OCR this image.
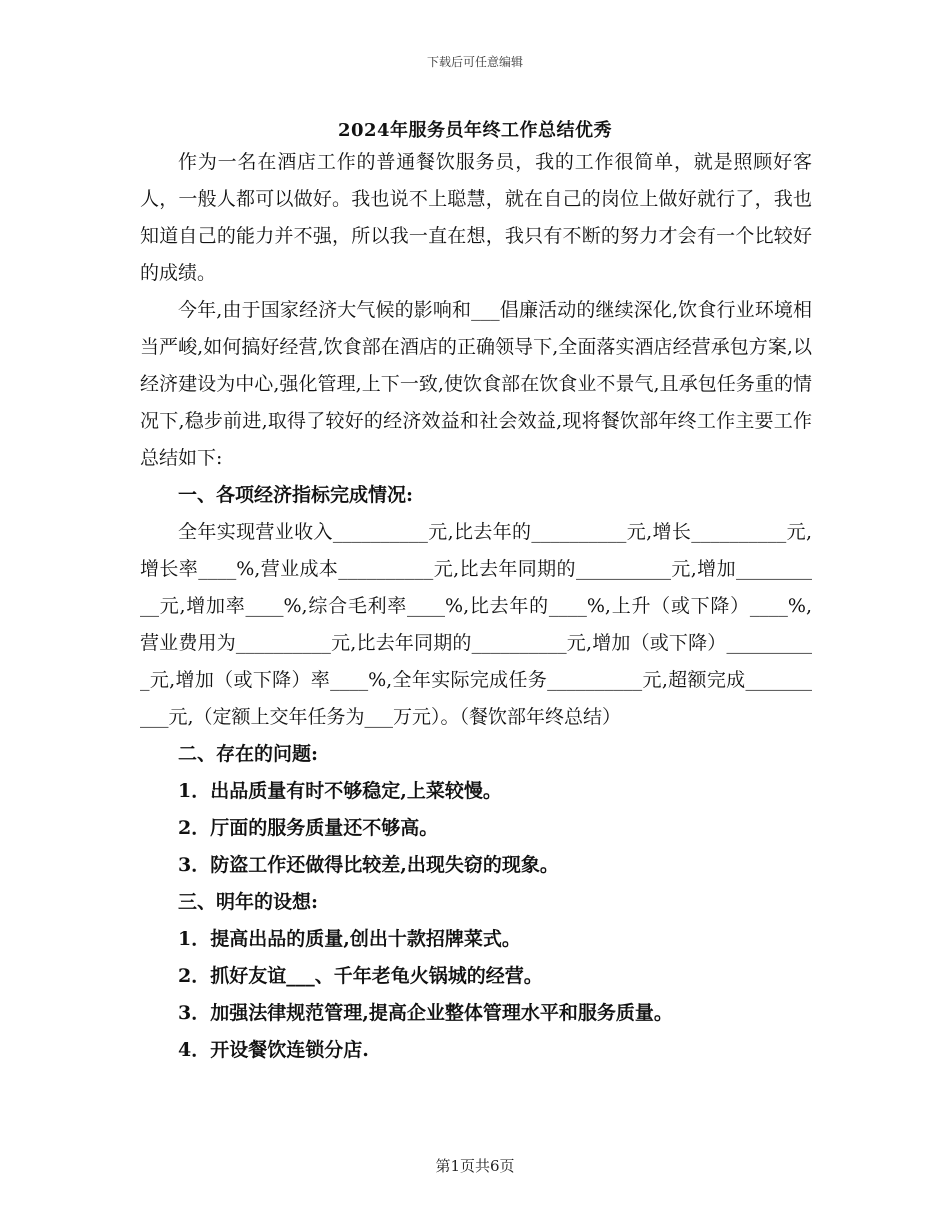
下载后可任意编辑
2024年服务员年终工作总结优秀

作为一名在酒店工作的普通餐饮服务员，我的工作很简单，就是照顾好客人，一般人都可以做好。我也说不上聪慧，就在自己的岗位上做好就行了，我也知道自己的能力并不强，所以我一直在想，我只有不断的努力才会有一个比较好的成绩。

今年,由于国家经济大气候的影响和___倡廉活动的继续深化,饮食行业环境相当严峻,如何搞好经营,饮食部在酒店的正确领导下,全面落实酒店经营承包方案,以经济建设为中心,强化管理,上下一致,使饮食部在饮食业不景气,且承包任务重的情况下,稳步前进,取得了较好的经济效益和社会效益,现将餐饮部年终工作主要工作总结如下:

一、各项经济指标完成情况:

全年实现营业收入__________元,比去年的__________元,增长__________元,增长率____%,营业成本__________元,比去年同期的__________元,增加__________元,增加率____%,综合毛利率____%,比去年的____%,上升（或下降）____%,营业费用为__________元,比去年同期的__________元,增加（或下降）__________元,增加（或下降）率____%,全年实际完成任务__________元,超额完成__________元,（定额上交年任务为___万元）。（餐饮部年终总结）

二、存在的问题:

1．出品质量有时不够稳定,上菜较慢。

2．厅面的服务质量还不够高。

3．防盗工作还做得比较差,出现失窃的现象。

三、明年的设想:

1．提高出品的质量,创出十款招牌菜式。

2．抓好友谊___、千年老龟火锅城的经营。

3．加强法律规范管理,提高企业整体管理水平和服务质量。

4．开设餐饮连锁分店.

第1页共6页
